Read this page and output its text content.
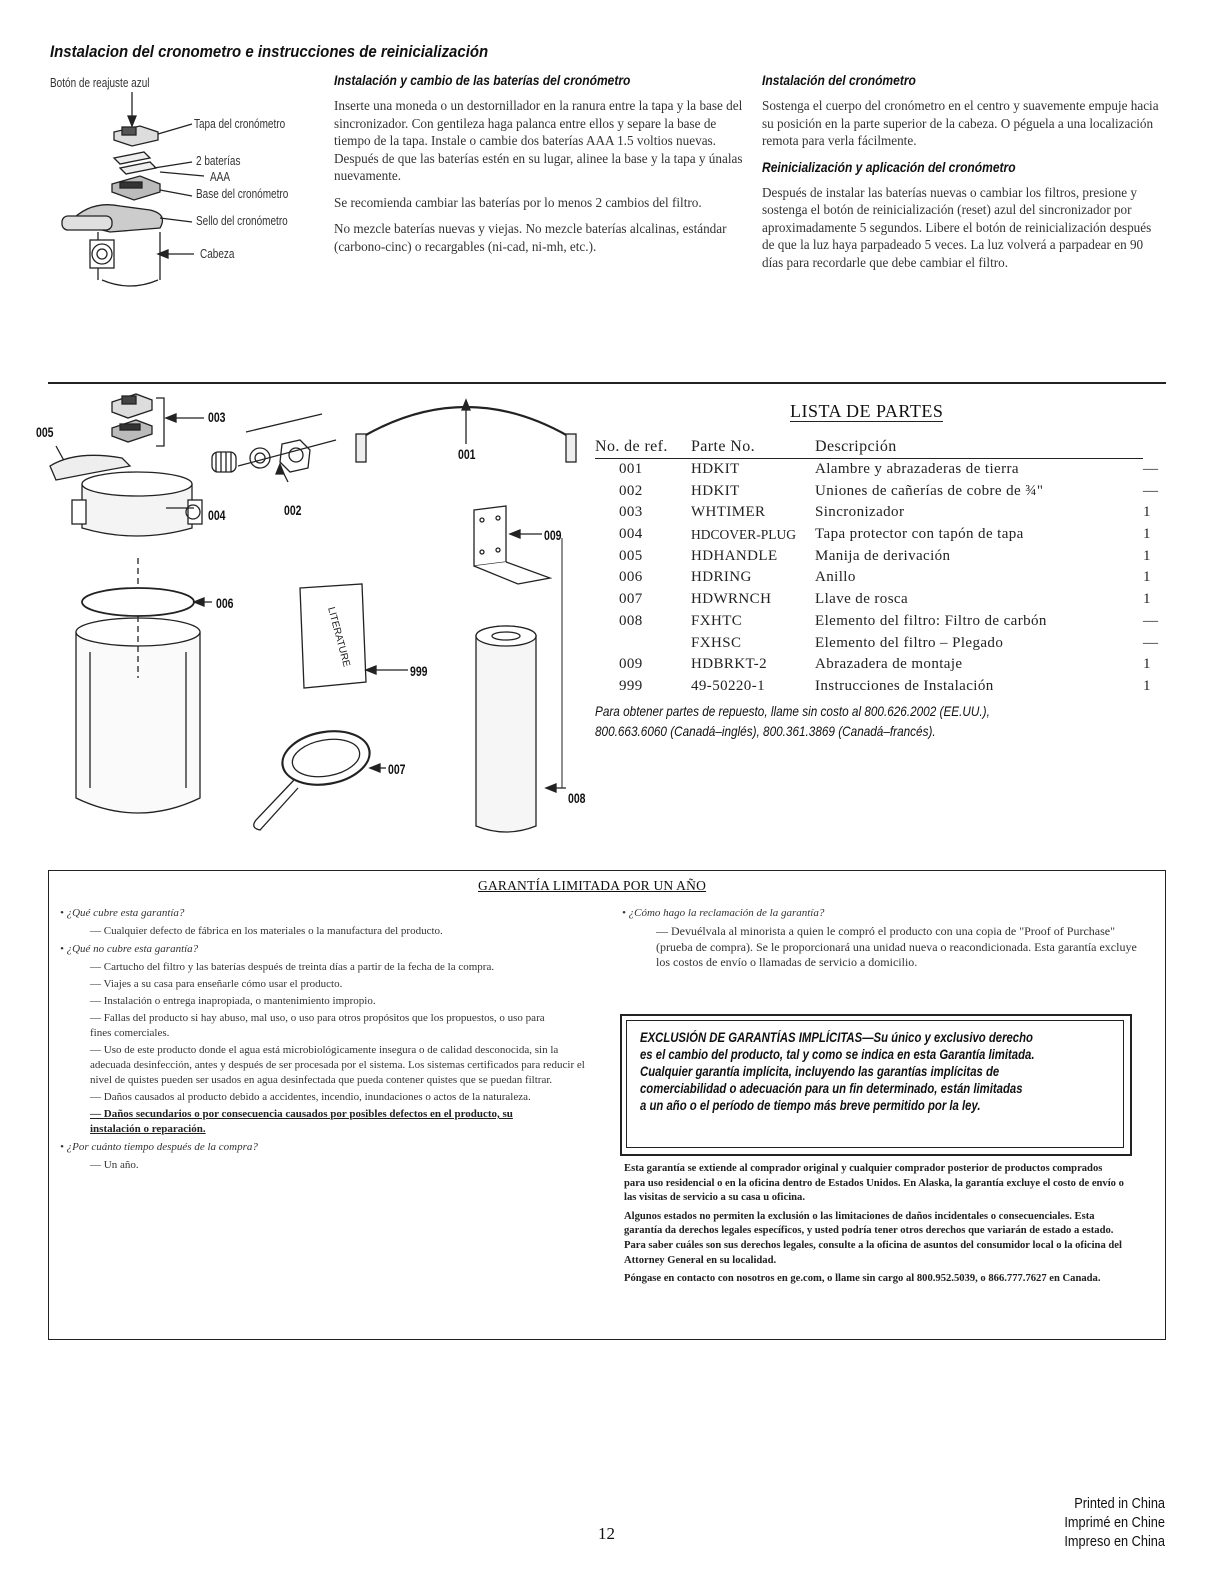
Instalacion del cronometro e instrucciones de reinicialización
Botón de reajuste azul
Tapa del cronómetro
2 baterías
AAA
Base del cronómetro
Sello del cronómetro
Cabeza
Instalación y cambio de las baterías del cronómetro

Inserte una moneda o un destornillador en la ranura entre la tapa y la base del sincronizador. Con gentileza haga palanca entre ellos y separe la base de tiempo de la tapa. Instale o cambie dos baterías AAA 1.5 voltios nuevas. Después de que las baterías estén en su lugar, alinee la base y la tapa y únalas nuevamente.

Se recomienda cambiar las baterías por lo menos 2 cambios del filtro.

No mezcle baterías nuevas y viejas. No mezcle baterías alcalinas, estándar (carbono-cinc) o recargables (ni-cad, ni-mh, etc.).

Instalación del cronómetro

Sostenga el cuerpo del cronómetro en el centro y suavemente empuje hacia su posición en la parte superior de la cabeza. O péguela a una localización remota para verla fácilmente.

Reinicialización y aplicación del cronómetro

Después de instalar las baterías nuevas o cambiar los filtros, presione y sostenga el botón de reinicialización (reset) azul del sincronizador por aproximadamente 5 segundos. Libere el botón de reinicialización después de que la luz haya parpadeado 5 veces. La luz volverá a parpadear en 90 días para recordarle que debe cambiar el filtro.

LITERATURE
005
003
004	002
001
006
009
999
007
008
LISTA DE PARTES
No. de ref.	Parte No.	Descripción	
001	HDKIT	Alambre y abrazaderas de tierra	—
002	HDKIT	Uniones de cañerías de cobre de ¾"	—
003	WHTIMER	Sincronizador	1
004	HDCOVER-PLUG	Tapa protector con tapón de tapa	1
005	HDHANDLE	Manija de derivación	1
006	HDRING	Anillo	1
007	HDWRNCH	Llave de rosca	1
008	FXHTC	Elemento del filtro: Filtro de carbón	—
	FXHSC	Elemento del filtro – Plegado	—
009	HDBRKT-2	Abrazadera de montaje	1
999	49-50220-1	Instrucciones de Instalación	1
Para obtener partes de repuesto, llame sin costo al 800.626.2002 (EE.UU.),
800.663.6060 (Canadá–inglés), 800.361.3869 (Canadá–francés).
GARANTÍA LIMITADA POR UN AÑO

• ¿Qué cubre esta garantía?

— Cualquier defecto de fábrica en los materiales o la manufactura del producto.

• ¿Qué no cubre esta garantía?

— Cartucho del filtro y las baterías después de treinta días a partir de la fecha de la compra.

— Viajes a su casa para enseñarle cómo usar el producto.

— Instalación o entrega inapropiada, o mantenimiento impropio.

— Fallas del producto si hay abuso, mal uso, o uso para otros propósitos que los propuestos, o uso para fines comerciales.

— Uso de este producto donde el agua está microbiológicamente insegura o de calidad desconocida, sin la adecuada desinfección, antes y después de ser procesada por el sistema. Los sistemas certificados para reducir el nivel de quistes pueden ser usados en agua desinfectada que pueda contener quistes que se puedan filtrar.

— Daños causados al producto debido a accidentes, incendio, inundaciones o actos de la naturaleza.

— Daños secundarios o por consecuencia causados por posibles defectos en el producto, su instalación o reparación.

• ¿Por cuánto tiempo después de la compra?

— Un año.

• ¿Cómo hago la reclamación de la garantía?

— Devuélvala al minorista a quien le compró el producto con una copia de "Proof of Purchase"(prueba de compra). Se le proporcionará una unidad nueva o reacondicionada. Esta garantía excluye los costos de envío o llamadas de servicio a domicilio.

EXCLUSIÓN DE GARANTÍAS IMPLÍCITAS—Su único y exclusivo derecho
es el cambio del producto, tal y como se indica en esta Garantía limitada.
Cualquier garantía implícita, incluyendo las garantías implícitas de
comerciabilidad o adecuación para un fin determinado, están limitadas
a un año o el período de tiempo más breve permitido por la ley.

Esta garantía se extiende al comprador original y cualquier comprador posterior de productos comprados para uso residencial o en la oficina dentro de Estados Unidos. En Alaska, la garantía excluye el costo de envío o las visitas de servicio a su casa u oficina.

Algunos estados no permiten la exclusión o las limitaciones de daños incidentales o consecuenciales. Esta garantía da derechos legales específicos, y usted podría tener otros derechos que variarán de estado a estado. Para saber cuáles son sus derechos legales, consulte a la oficina de asuntos del consumidor local o la oficina del Attorney General en su localidad.

Póngase en contacto con nosotros en ge.com, o llame sin cargo al 800.952.5039, o 866.777.7627 en Canada.

12
Printed in China
Imprimé en Chine
Impreso en China
